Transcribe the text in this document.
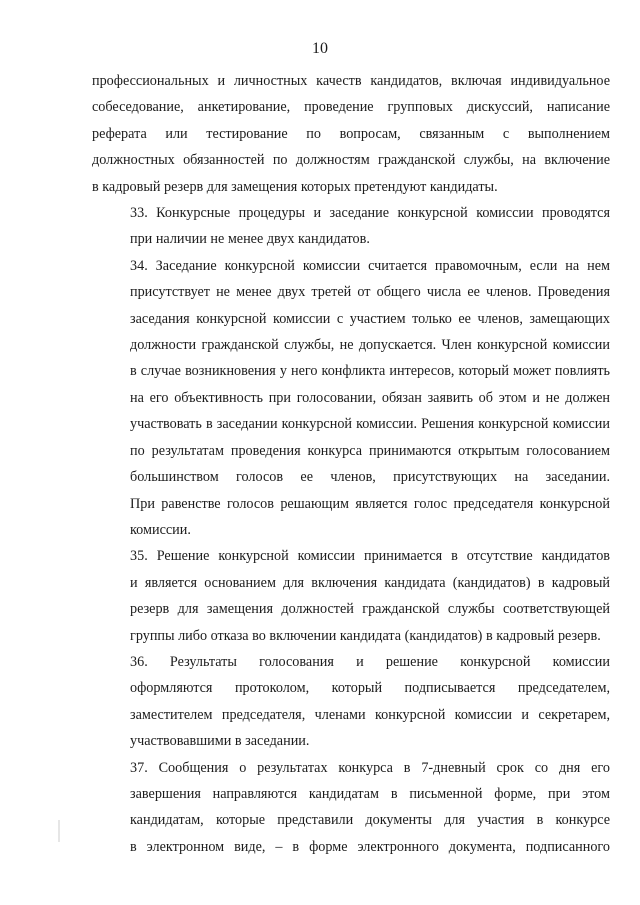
10
профессиональных и личностных качеств кандидатов, включая индивидуальное
собеседование, анкетирование, проведение групповых дискуссий, написание
реферата или тестирование по вопросам, связанным с выполнением
должностных обязанностей по должностям гражданской службы, на включение
в кадровый резерв для замещения которых претендуют кандидаты.
33. Конкурсные процедуры и заседание конкурсной комиссии проводятся
при наличии не менее двух кандидатов.
34. Заседание конкурсной комиссии считается правомочным, если на нем
присутствует не менее двух третей от общего числа ее членов. Проведения
заседания конкурсной комиссии с участием только ее членов, замещающих
должности гражданской службы, не допускается. Член конкурсной комиссии
в случае возникновения у него конфликта интересов, который может повлиять
на его объективность при голосовании, обязан заявить об этом и не должен
участвовать в заседании конкурсной комиссии. Решения конкурсной комиссии
по результатам проведения конкурса принимаются открытым голосованием
большинством голосов ее членов, присутствующих на заседании.
При равенстве голосов решающим является голос председателя конкурсной
комиссии.
35. Решение конкурсной комиссии принимается в отсутствие кандидатов
и является основанием для включения кандидата (кандидатов) в кадровый
резерв для замещения должностей гражданской службы соответствующей
группы либо отказа во включении кандидата (кандидатов) в кадровый резерв.
36. Результаты голосования и решение конкурсной комиссии
оформляются протоколом, который подписывается председателем,
заместителем председателя, членами конкурсной комиссии и секретарем,
участвовавшими в заседании.
37. Сообщения о результатах конкурса в 7-дневный срок со дня его
завершения направляются кандидатам в письменной форме, при этом
кандидатам, которые представили документы для участия в конкурсе
в электронном виде, – в форме электронного документа, подписанного
